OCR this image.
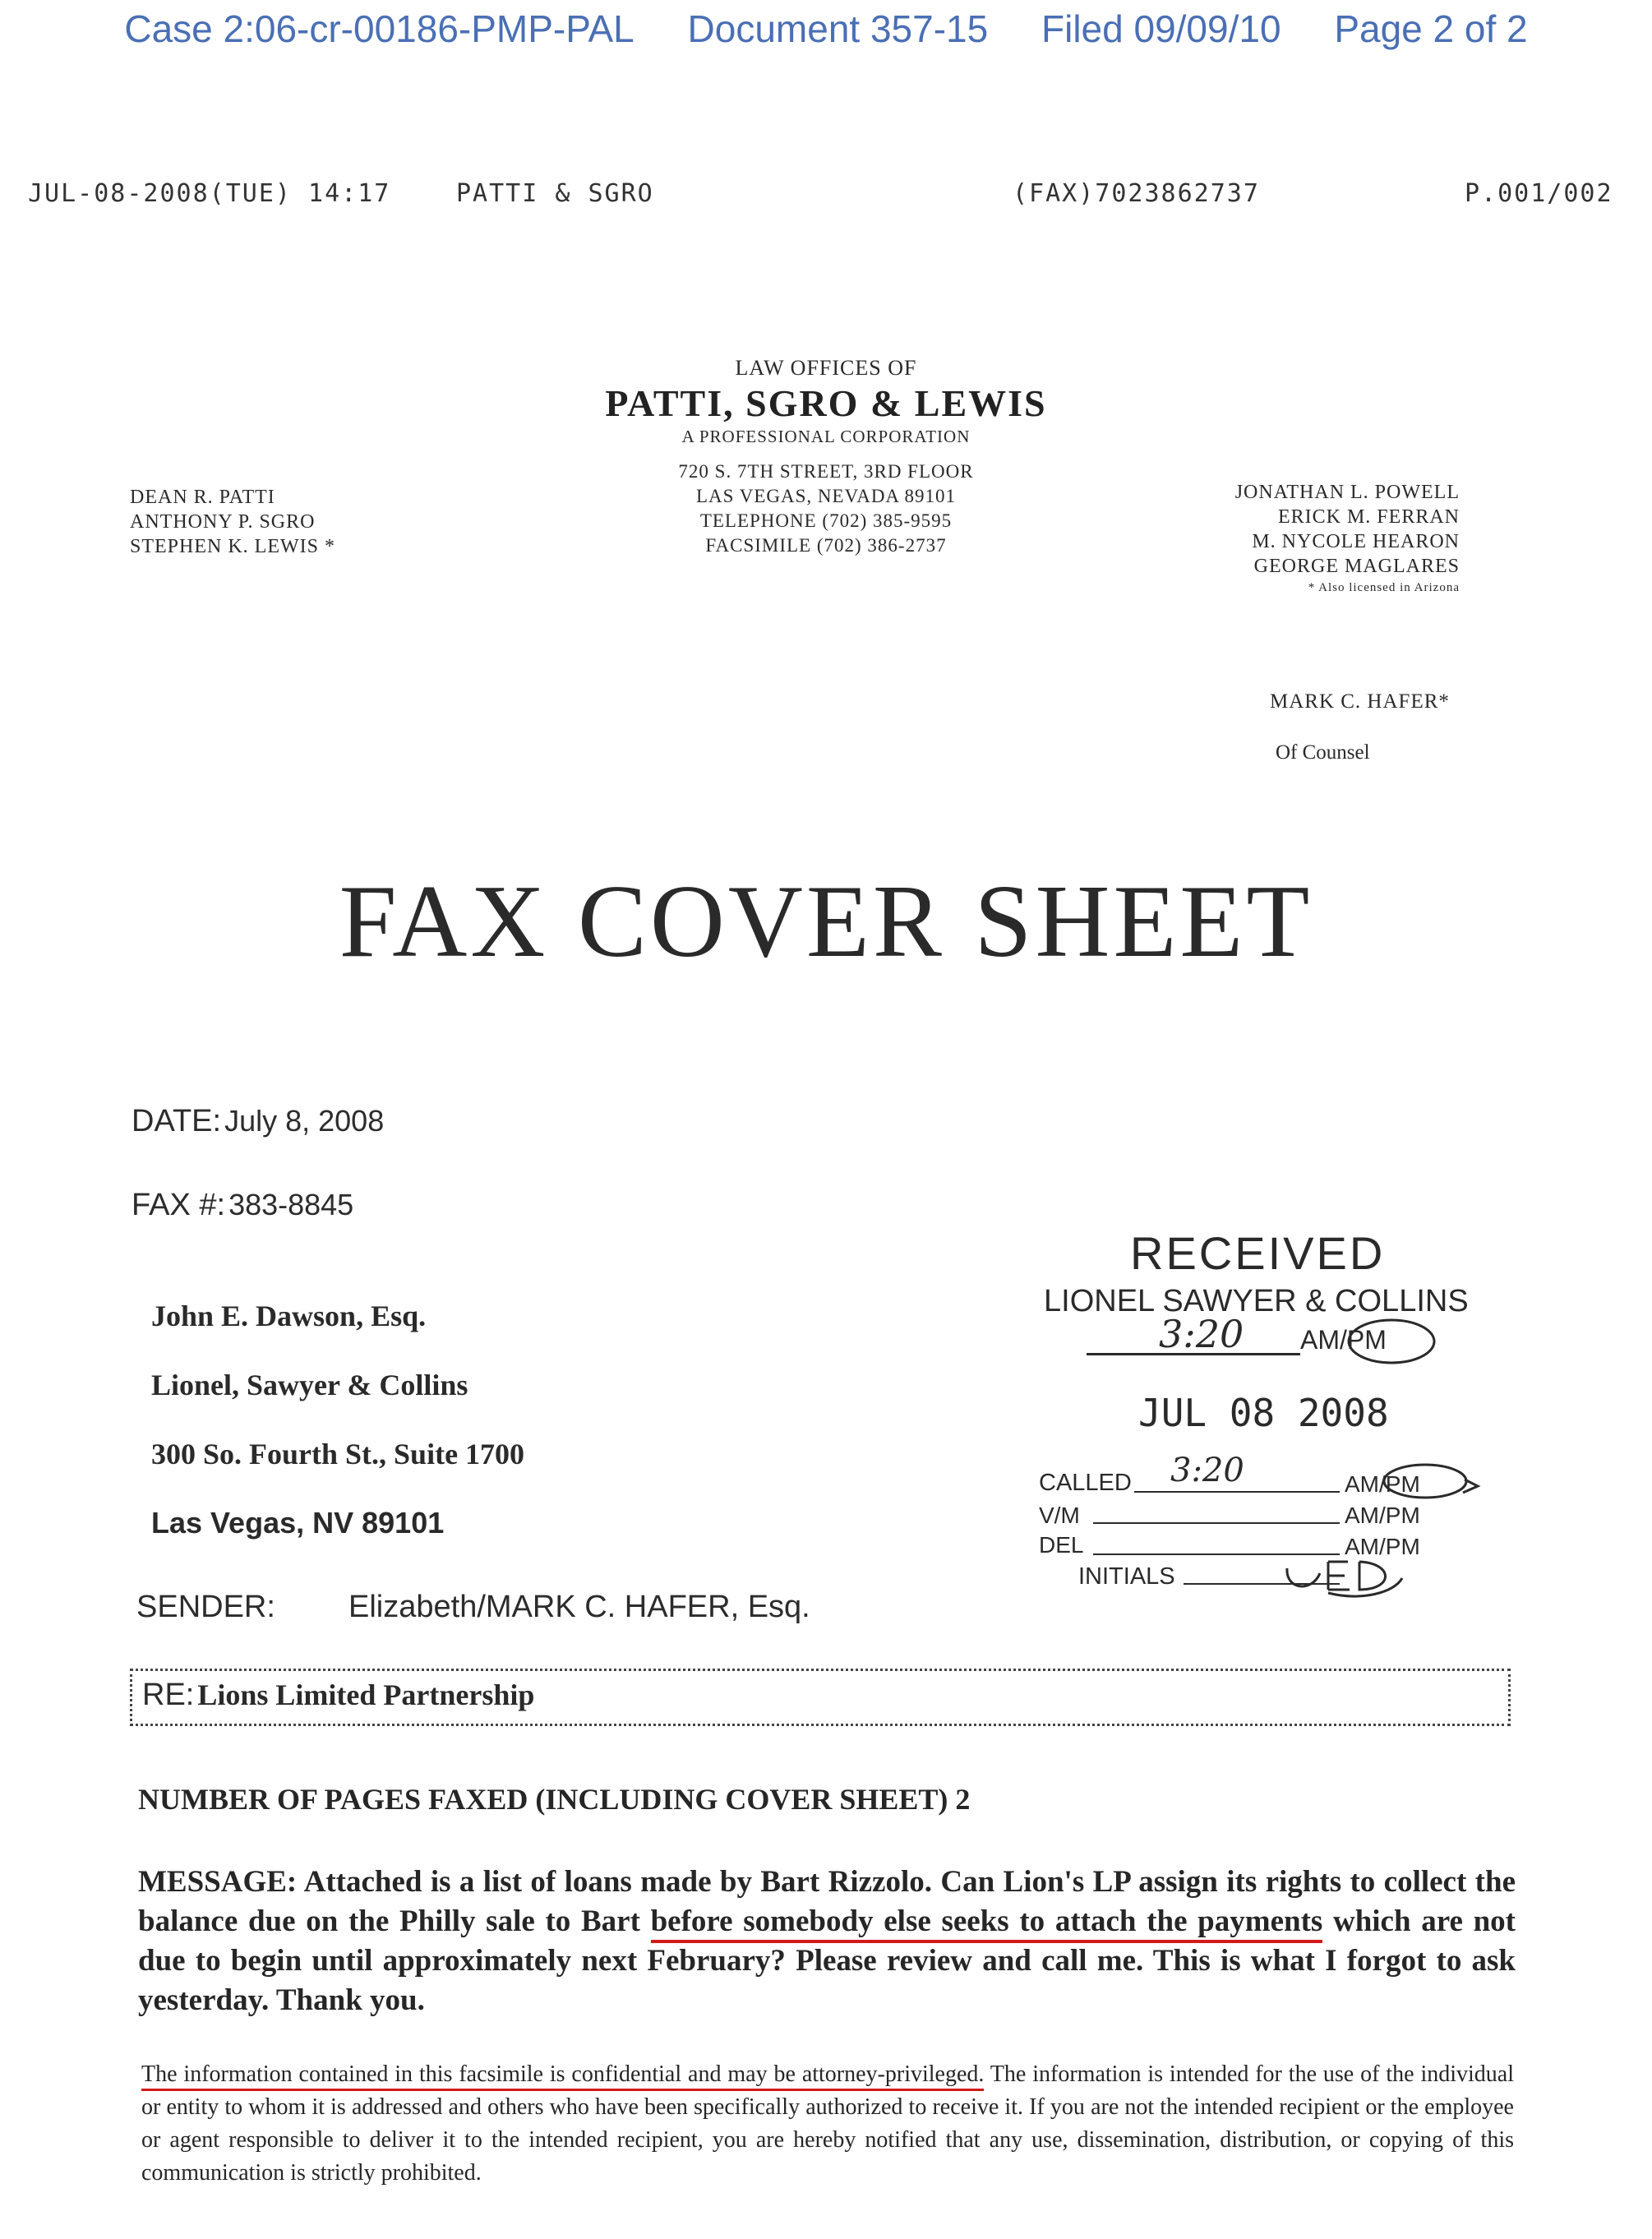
Case 2:06-cr-00186-PMP-PAL Document 357-15 Filed 09/09/10 Page 2 of 2
JUL-08-2008(TUE) 14:17	PATTI & SGRO	(FAX)7023862737	P.001/002
LAW OFFICES OF
PATTI, SGRO & LEWIS
A PROFESSIONAL CORPORATION
720 S. 7TH STREET, 3RD FLOOR
LAS VEGAS, NEVADA 89101
TELEPHONE (702) 385-9595
FACSIMILE (702) 386-2737
DEAN R. PATTI
ANTHONY P. SGRO
STEPHEN K. LEWIS *
JONATHAN L. POWELL
ERICK M. FERRAN
M. NYCOLE HEARON
GEORGE MAGLARES
* Also licensed in Arizona
MARK C. HAFER*
Of Counsel
FAX COVER SHEET
DATE: July 8, 2008
FAX #: 383-8845
John E. Dawson, Esq.
Lionel, Sawyer & Collins
300 So. Fourth St., Suite 1700
Las Vegas, NV 89101
SENDER: Elizabeth/MARK C. HAFER, Esq.
RE: Lions Limited Partnership
NUMBER OF PAGES FAXED (INCLUDING COVER SHEET) 2
MESSAGE: Attached is a list of loans made by Bart Rizzolo. Can Lion's LP assign its rights to collect the balance due on the Philly sale to Bart before somebody else seeks to attach the payments which are not due to begin until approximately next February? Please review and call me. This is what I forgot to ask yesterday. Thank you.
The information contained in this facsimile is confidential and may be attorney-privileged. The information is intended for the use of the individual or entity to whom it is addressed and others who have been specifically authorized to receive it. If you are not the intended recipient or the employee or agent responsible to deliver it to the intended recipient, you are hereby notified that any use, dissemination, distribution, or copying of this communication is strictly prohibited.
RECEIVED
LIONEL SAWYER & COLLINS
3:20 AM/PM
JUL 08 2008
CALLED 3:20	AM/PM
V/M	AM/PM
DEL	AM/PM
INITIALS
